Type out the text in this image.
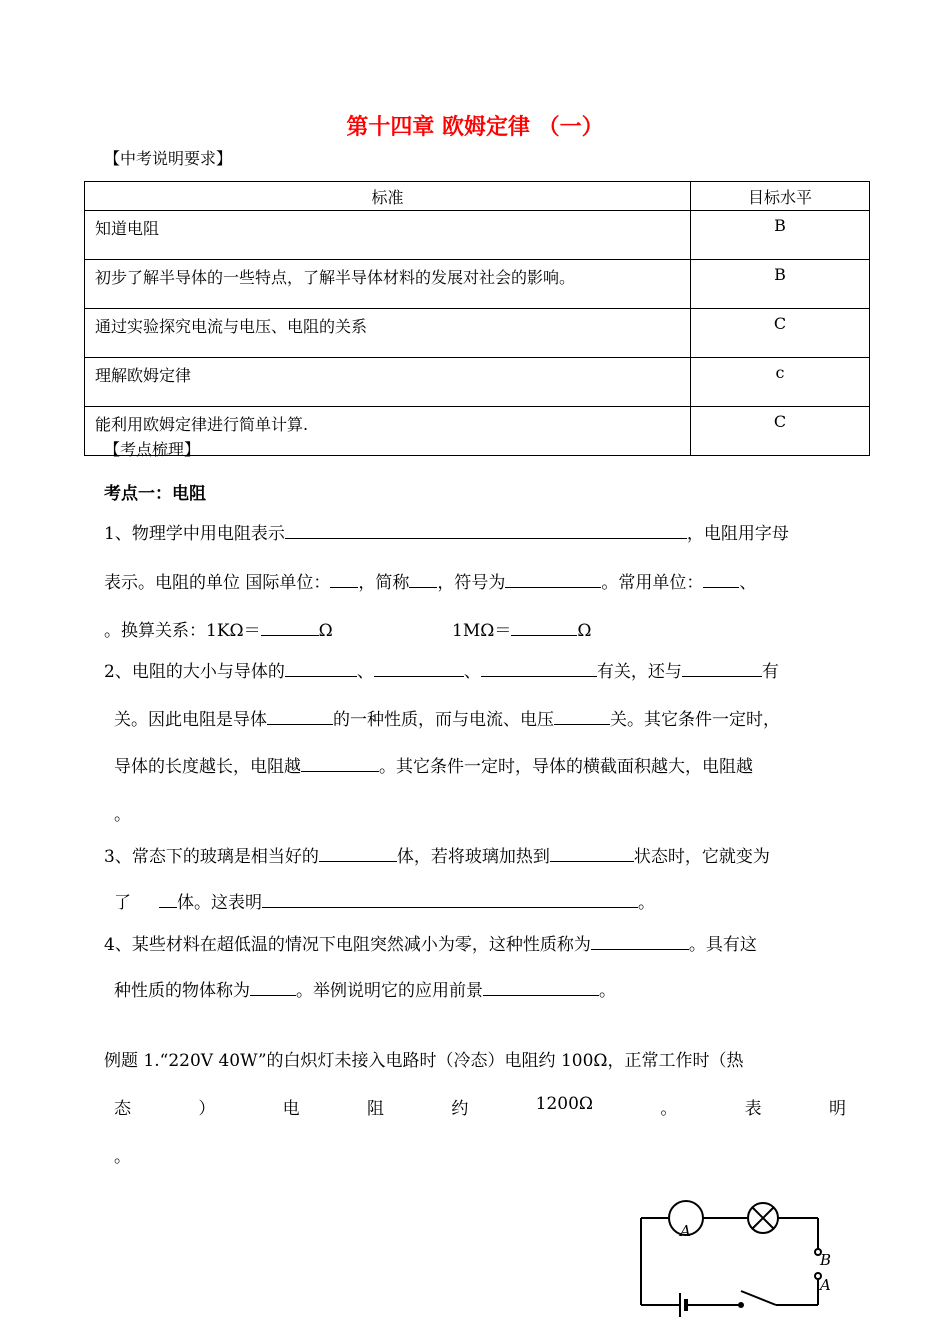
第十四章 欧姆定律 （一）
【中考说明要求】
标准	目标水平
知道电阻	B
初步了解半导体的一些特点，了解半导体材料的发展对社会的影响。	B
通过实验探究电流与电压、电阻的关系	C
理解欧姆定律	c
能利用欧姆定律进行简单计算.	C
【考点梳理】
考点一：电阻
1、物理学中用电阻表示	，电阻用字母
表示。电阻的单位 国际单位： ，简称 ，符号为	。常用单位： 、
。换算关系：1KΩ＝	Ω	1MΩ＝	Ω
2、电阻的大小与导体的	、	、	有关，还与	有
关。因此电阻是导体	的一种性质，而与电流、电压	关。其它条件一定时，
导体的长度越长，电阻越	。其它条件一定时，导体的横截面积越大，电阻越
。
3、常态下的玻璃是相当好的	体，若将玻璃加热到	状态时，它就变为
了	体。这表明	。
4、某些材料在超低温的情况下电阻突然减小为零，这种性质称为	。具有这
种性质的物体称为	。举例说明它的应用前景	。
例题 1.“220V 40W”的白炽灯未接入电路时（冷态）电阻约 100Ω，正常工作时（热
态	）	电	阻	约	1200Ω	。	表	明
。
A
B
A
